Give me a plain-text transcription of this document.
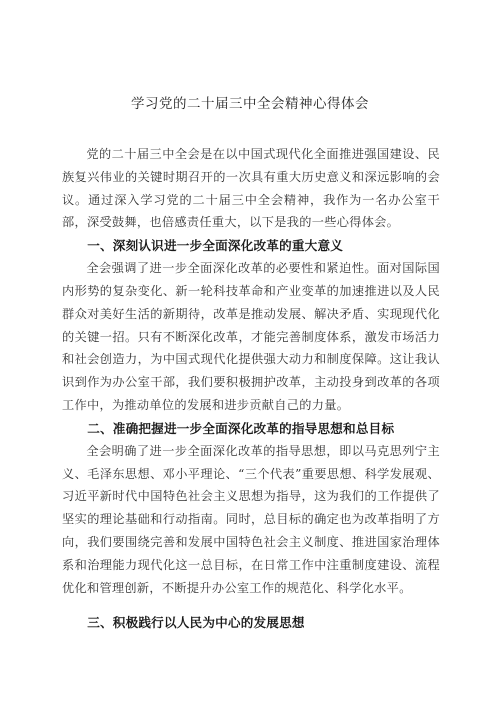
学习党的二十届三中全会精神心得体会

党的二十届三中全会是在以中国式现代化全面推进强国建设、民族复兴伟业的关键时期召开的一次具有重大历史意义和深远影响的会议。通过深入学习党的二十届三中全会精神，我作为一名办公室干部，深受鼓舞，也倍感责任重大，以下是我的一些心得体会。

一、深刻认识进一步全面深化改革的重大意义

全会强调了进一步全面深化改革的必要性和紧迫性。面对国际国内形势的复杂变化、新一轮科技革命和产业变革的加速推进以及人民群众对美好生活的新期待，改革是推动发展、解决矛盾、实现现代化的关键一招。只有不断深化改革，才能完善制度体系，激发市场活力和社会创造力，为中国式现代化提供强大动力和制度保障。这让我认识到作为办公室干部，我们要积极拥护改革，主动投身到改革的各项工作中，为推动单位的发展和进步贡献自己的力量。

二、准确把握进一步全面深化改革的指导思想和总目标

全会明确了进一步全面深化改革的指导思想，即以马克思列宁主义、毛泽东思想、邓小平理论、“三个代表”重要思想、科学发展观、习近平新时代中国特色社会主义思想为指导，这为我们的工作提供了坚实的理论基础和行动指南。同时，总目标的确定也为改革指明了方向，我们要围绕完善和发展中国特色社会主义制度、推进国家治理体系和治理能力现代化这一总目标，在日常工作中注重制度建设、流程优化和管理创新，不断提升办公室工作的规范化、科学化水平。

三、积极践行以人民为中心的发展思想
